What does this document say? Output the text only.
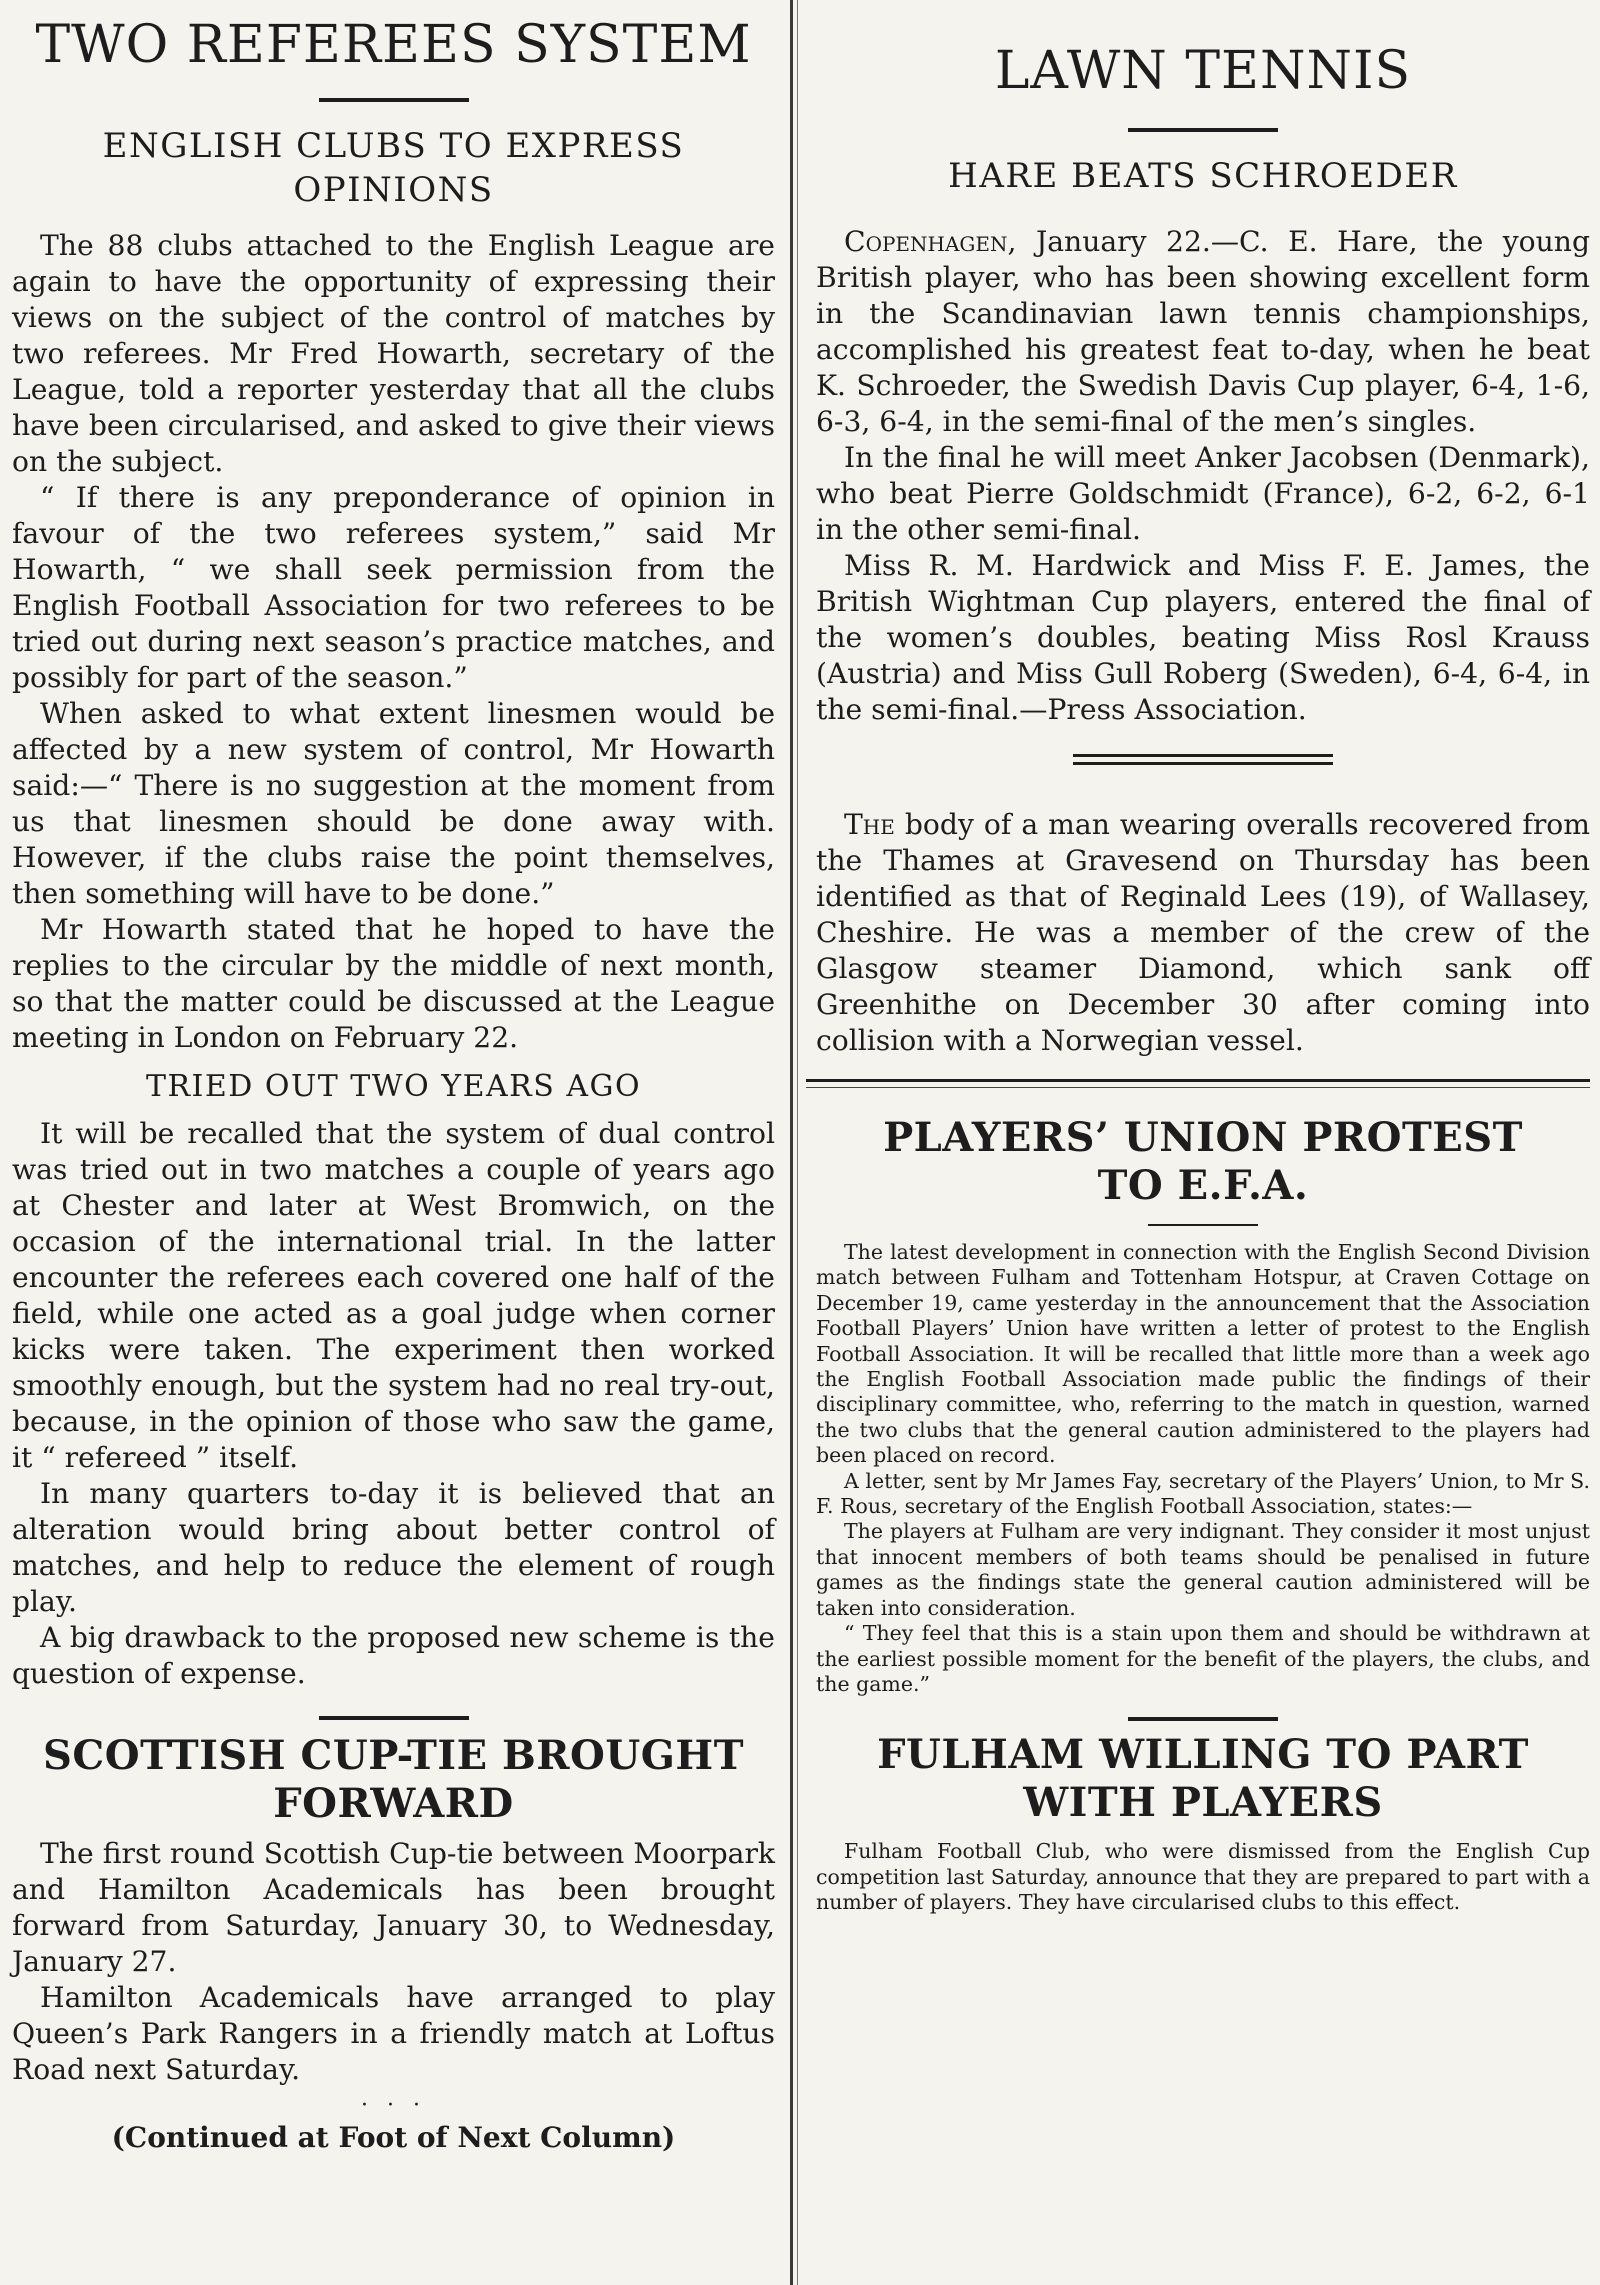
TWO REFEREES SYSTEM
ENGLISH CLUBS TO EXPRESS OPINIONS

The 88 clubs attached to the English League are again to have the opportunity of expressing their views on the subject of the control of matches by two referees. Mr Fred Howarth, secretary of the League, told a reporter yesterday that all the clubs have been circularised, and asked to give their views on the subject.

“ If there is any preponderance of opinion in favour of the two referees system,” said Mr Howarth, “ we shall seek permission from the English Football Association for two referees to be tried out during next season’s practice matches, and possibly for part of the season.”

When asked to what extent linesmen would be affected by a new system of control, Mr Howarth said:—“ There is no suggestion at the moment from us that linesmen should be done away with. However, if the clubs raise the point themselves, then something will have to be done.”

Mr Howarth stated that he hoped to have the replies to the circular by the middle of next month, so that the matter could be discussed at the League meeting in London on February 22.

TRIED OUT TWO YEARS AGO

It will be recalled that the system of dual control was tried out in two matches a couple of years ago at Chester and later at West Bromwich, on the occasion of the international trial. In the latter encounter the referees each covered one half of the field, while one acted as a goal judge when corner kicks were taken. The experiment then worked smoothly enough, but the system had no real try-out, because, in the opinion of those who saw the game, it “ refereed ” itself.

In many quarters to-day it is believed that an alteration would bring about better control of matches, and help to reduce the element of rough play.

A big drawback to the proposed new scheme is the question of expense.

SCOTTISH CUP-TIE BROUGHT FORWARD

The first round Scottish Cup-tie between Moorpark and Hamilton Academicals has been brought forward from Saturday, January 30, to Wednesday, January 27.

Hamilton Academicals have arranged to play Queen’s Park Rangers in a friendly match at Loftus Road next Saturday.

· · ·
(Continued at Foot of Next Column)
LAWN TENNIS
HARE BEATS SCHROEDER

Copenhagen, January 22.—C. E. Hare, the young British player, who has been showing excellent form in the Scandinavian lawn tennis championships, accomplished his greatest feat to-day, when he beat K. Schroeder, the Swedish Davis Cup player, 6-4, 1-6, 6-3, 6-4, in the semi-final of the men’s singles.

In the final he will meet Anker Jacobsen (Denmark), who beat Pierre Goldschmidt (France), 6-2, 6-2, 6-1 in the other semi-final.

Miss R. M. Hardwick and Miss F. E. James, the British Wightman Cup players, entered the final of the women’s doubles, beating Miss Rosl Krauss (Austria) and Miss Gull Roberg (Sweden), 6-4, 6-4, in the semi-final.—Press Association.

The body of a man wearing overalls recovered from the Thames at Gravesend on Thursday has been identified as that of Reginald Lees (19), of Wallasey, Cheshire. He was a member of the crew of the Glasgow steamer Diamond, which sank off Greenhithe on December 30 after coming into collision with a Norwegian vessel.

PLAYERS’ UNION PROTEST TO E.F.A.

The latest development in connection with the English Second Division match between Fulham and Tottenham Hotspur, at Craven Cottage on December 19, came yesterday in the announcement that the Association Football Players’ Union have written a letter of protest to the English Football Association. It will be recalled that little more than a week ago the English Football Association made public the findings of their disciplinary committee, who, referring to the match in question, warned the two clubs that the general caution administered to the players had been placed on record.

A letter, sent by Mr James Fay, secretary of the Players’ Union, to Mr S. F. Rous, secretary of the English Football Association, states:—

The players at Fulham are very indignant. They consider it most unjust that innocent members of both teams should be penalised in future games as the findings state the general caution administered will be taken into consideration.

“ They feel that this is a stain upon them and should be withdrawn at the earliest possible moment for the benefit of the players, the clubs, and the game.”

FULHAM WILLING TO PART WITH PLAYERS

Fulham Football Club, who were dismissed from the English Cup competition last Saturday, announce that they are prepared to part with a number of players. They have circularised clubs to this effect.
